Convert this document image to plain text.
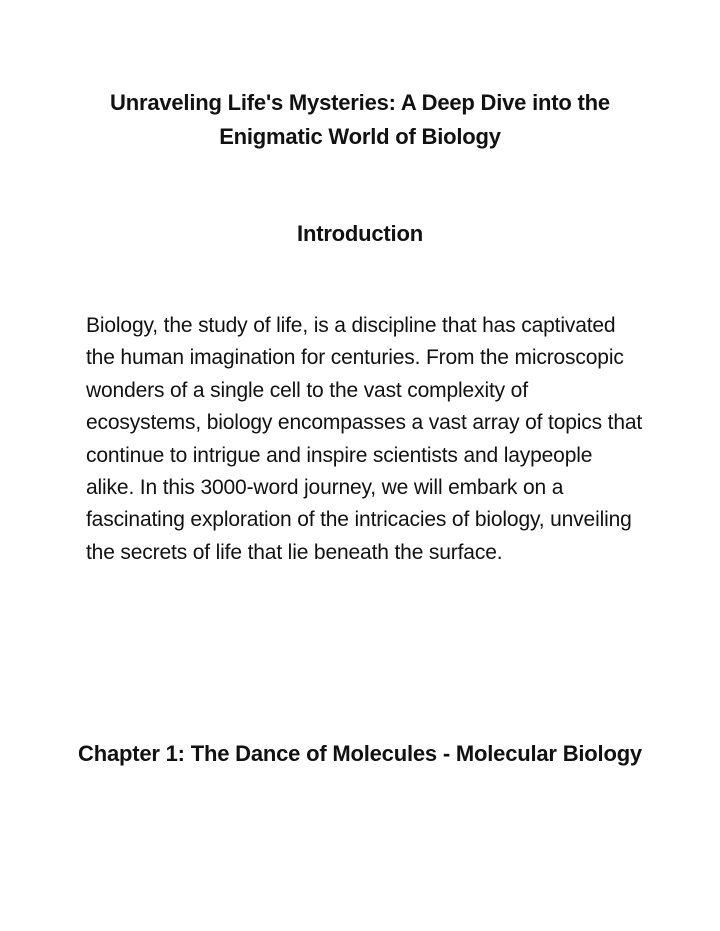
Unraveling Life's Mysteries: A Deep Dive into the Enigmatic World of Biology
Introduction

Biology, the study of life, is a discipline that has captivated the human imagination for centuries. From the microscopic wonders of a single cell to the vast complexity of ecosystems, biology encompasses a vast array of topics that continue to intrigue and inspire scientists and laypeople alike. In this 3000-word journey, we will embark on a fascinating exploration of the intricacies of biology, unveiling the secrets of life that lie beneath the surface.

Chapter 1: The Dance of Molecules - Molecular Biology
